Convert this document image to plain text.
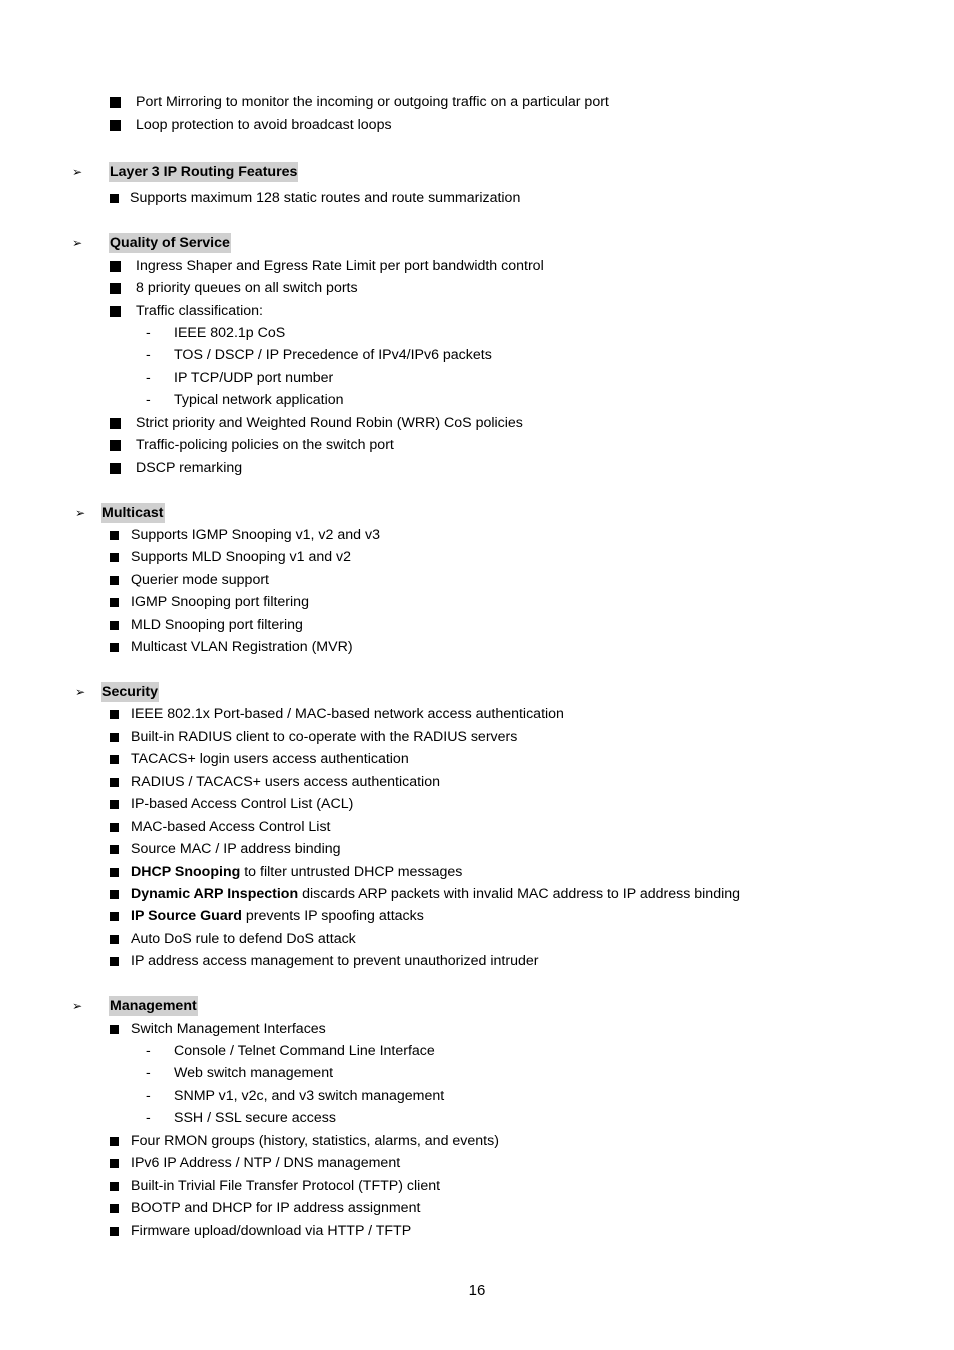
Port Mirroring to monitor the incoming or outgoing traffic on a particular port
Loop protection to avoid broadcast loops
➢ Layer 3 IP Routing Features
Supports maximum 128 static routes and route summarization
➢ Quality of Service
Ingress Shaper and Egress Rate Limit per port bandwidth control
8 priority queues on all switch ports
Traffic classification:
- IEEE 802.1p CoS
- TOS / DSCP / IP Precedence of IPv4/IPv6 packets
- IP TCP/UDP port number
- Typical network application
Strict priority and Weighted Round Robin (WRR) CoS policies
Traffic-policing policies on the switch port
DSCP remarking
➢ Multicast
Supports IGMP Snooping v1, v2 and v3
Supports MLD Snooping v1 and v2
Querier mode support
IGMP Snooping port filtering
MLD Snooping port filtering
Multicast VLAN Registration (MVR)
➢ Security
IEEE 802.1x Port-based / MAC-based network access authentication
Built-in RADIUS client to co-operate with the RADIUS servers
TACACS+ login users access authentication
RADIUS / TACACS+ users access authentication
IP-based Access Control List (ACL)
MAC-based Access Control List
Source MAC / IP address binding
DHCP Snooping to filter untrusted DHCP messages
Dynamic ARP Inspection discards ARP packets with invalid MAC address to IP address binding
IP Source Guard prevents IP spoofing attacks
Auto DoS rule to defend DoS attack
IP address access management to prevent unauthorized intruder
➢ Management
Switch Management Interfaces
- Console / Telnet Command Line Interface
- Web switch management
- SNMP v1, v2c, and v3 switch management
- SSH / SSL secure access
Four RMON groups (history, statistics, alarms, and events)
IPv6 IP Address / NTP / DNS management
Built-in Trivial File Transfer Protocol (TFTP) client
BOOTP and DHCP for IP address assignment
Firmware upload/download via HTTP / TFTP
16
